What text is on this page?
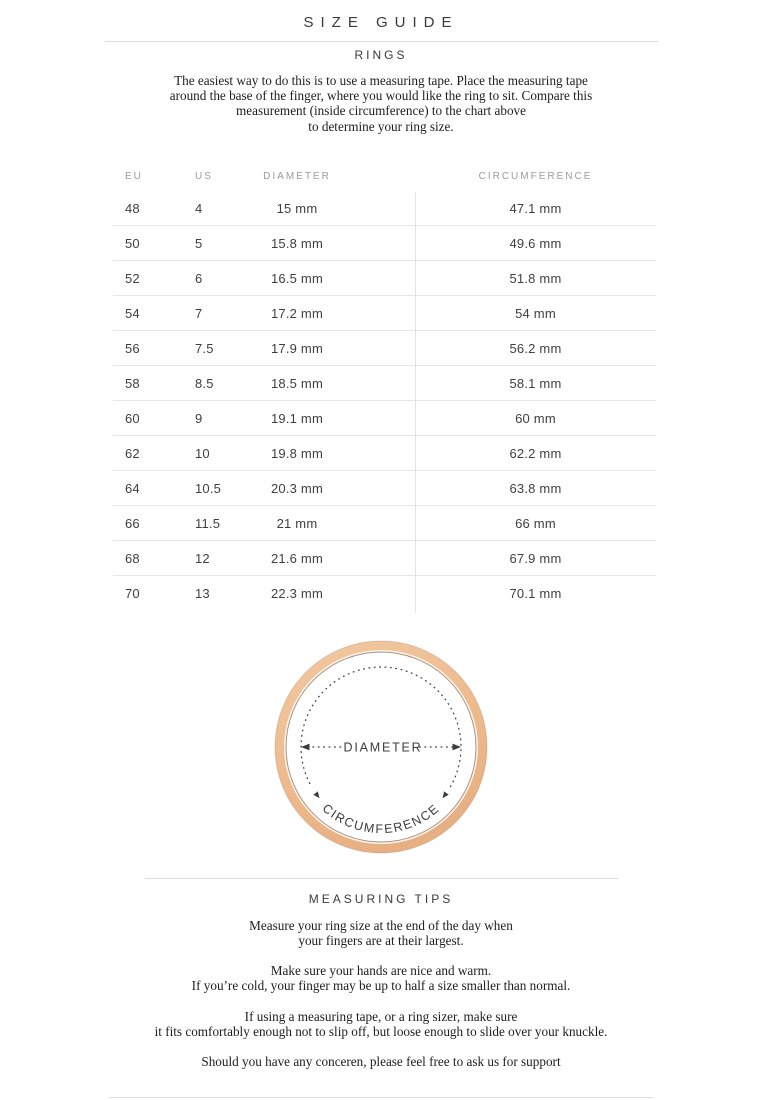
SIZE GUIDE
RINGS
The easiest way to do this is to use a measuring tape. Place the measuring tape
around the base of the finger, where you would like the ring to sit. Compare this
measurement (inside circumference) to the chart above
to determine your ring size.
EU	US	DIAMETER		CIRCUMFERENCE
48	4	15 mm		47.1 mm
50	5	15.8 mm		49.6 mm
52	6	16.5 mm		51.8 mm
54	7	17.2 mm		54 mm
56	7.5	17.9 mm		56.2 mm
58	8.5	18.5 mm		58.1 mm
60	9	19.1 mm		60 mm
62	10	19.8 mm		62.2 mm
64	10.5	20.3 mm		63.8 mm
66	11.5	21 mm		66 mm
68	12	21.6 mm		67.9 mm
70	13	22.3 mm		70.1 mm
DIAMETER
CIRCUMFERENCE
MEASURING TIPS
Measure your ring size at the end of the day when
your fingers are at their largest.
Make sure your hands are nice and warm.
If you’re cold, your finger may be up to half a size smaller than normal.
If using a measuring tape, or a ring sizer, make sure
it fits comfortably enough not to slip off, but loose enough to slide over your knuckle.
Should you have any conceren, please feel free to ask us for support
